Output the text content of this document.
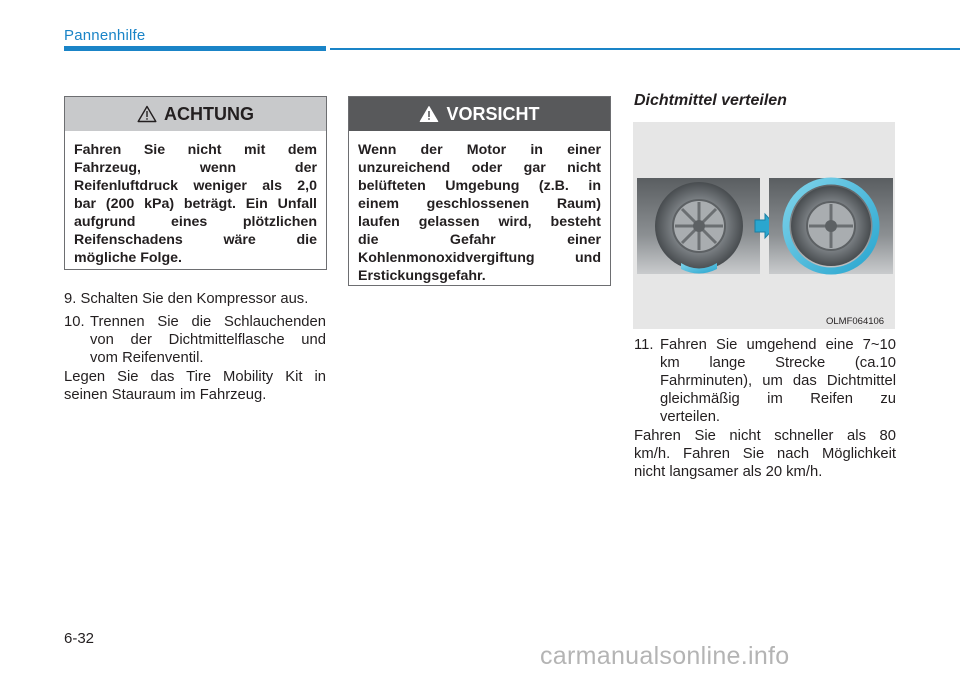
Pannenhilfe
ACHTUNG
Fahren Sie nicht mit dem
Fahrzeug, wenn der
Reifenluftdruck weniger als 2,0
bar (200 kPa) beträgt. Ein Unfall
aufgrund eines plötzlichen
Reifenschadens wäre die
mögliche Folge.
VORSICHT
Wenn der Motor in einer
unzureichend oder gar nicht
belüfteten Umgebung (z.B. in
einem geschlossenen Raum)
laufen gelassen wird, besteht
die Gefahr einer
Kohlenmonoxidvergiftung und
Erstickungsgefahr.
9. Schalten Sie den Kompressor aus.
10. Trennen Sie die Schlauchenden
von der Dichtmittelflasche und
vom Reifenventil.
Legen Sie das Tire Mobility Kit in
seinen Stauraum im Fahrzeug.
Dichtmittel verteilen
OLMF064106
11. Fahren Sie umgehend eine 7~10
km lange Strecke (ca.10
Fahrminuten), um das Dichtmittel
gleichmäßig im Reifen zu
verteilen.
Fahren Sie nicht schneller als 80
km/h. Fahren Sie nach Möglichkeit
nicht langsamer als 20 km/h.
6-32
carmanualsonline.info
